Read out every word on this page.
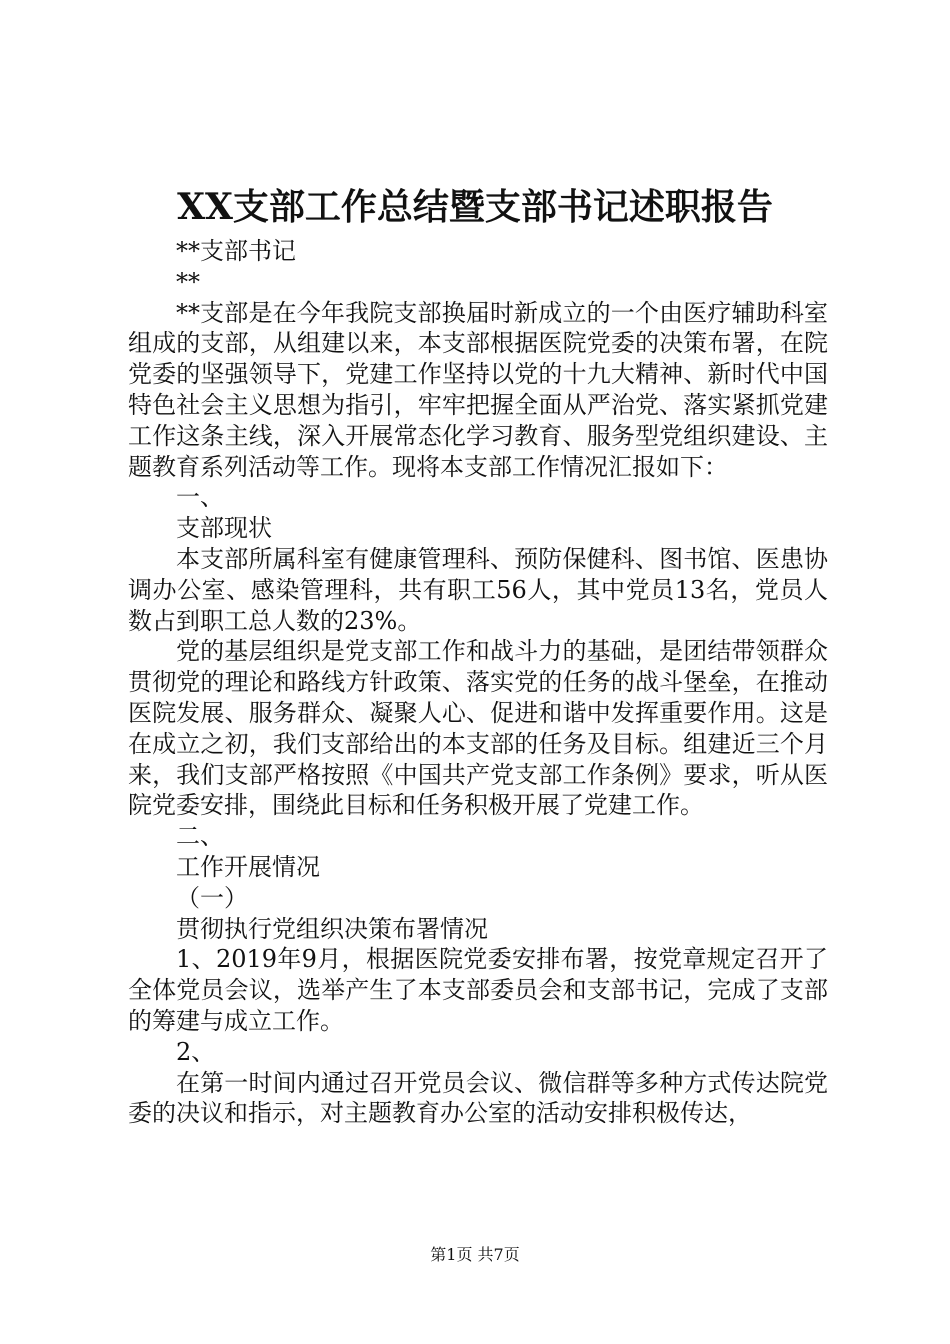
XX支部工作总结暨支部书记述职报告

**支部书记

**

**支部是在今年我院支部换届时新成立的一个由医疗辅助科室组成的支部，从组建以来，本支部根据医院党委的决策布署，在院党委的坚强领导下，党建工作坚持以党的十九大精神、新时代中国特色社会主义思想为指引，牢牢把握全面从严治党、落实紧抓党建工作这条主线，深入开展常态化学习教育、服务型党组织建设、主题教育系列活动等工作。现将本支部工作情况汇报如下：

一、

支部现状

本支部所属科室有健康管理科、预防保健科、图书馆、医患协调办公室、感染管理科，共有职工56人，其中党员13名，党员人数占到职工总人数的23%。

党的基层组织是党支部工作和战斗力的基础，是团结带领群众贯彻党的理论和路线方针政策、落实党的任务的战斗堡垒，在推动医院发展、服务群众、凝聚人心、促进和谐中发挥重要作用。这是在成立之初，我们支部给出的本支部的任务及目标。组建近三个月来，我们支部严格按照《中国共产党支部工作条例》要求，听从医院党委安排，围绕此目标和任务积极开展了党建工作。

二、

工作开展情况

（一）

贯彻执行党组织决策布署情况

1、2019年9月，根据医院党委安排布署，按党章规定召开了全体党员会议，选举产生了本支部委员会和支部书记，完成了支部的筹建与成立工作。

2、

在第一时间内通过召开党员会议、微信群等多种方式传达院党委的决议和指示，对主题教育办公室的活动安排积极传达，

第1页 共7页
